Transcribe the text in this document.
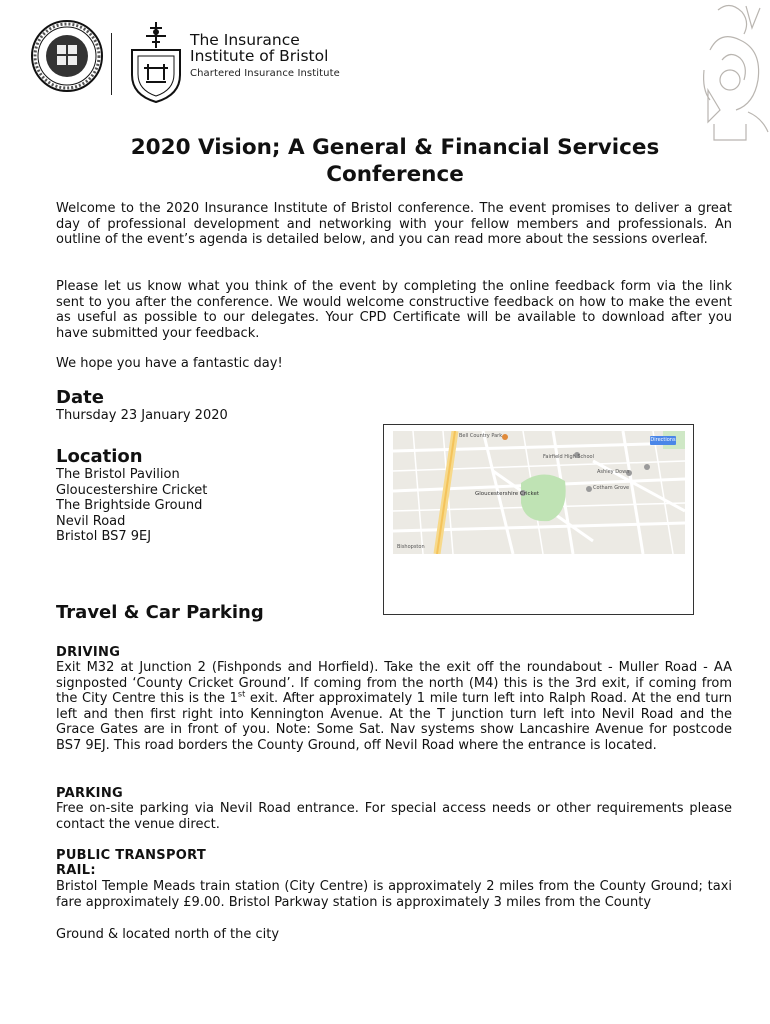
The Insurance
Institute of Bristol
Chartered Insurance Institute
2020 Vision; A General & Financial Services
Conference
Welcome to the 2020 Insurance Institute of Bristol conference. The event promises to deliver a great day of professional development and networking with your fellow members and professionals. An outline of the event’s agenda is detailed below, and you can read more about the sessions overleaf.
Please let us know what you think of the event by completing the online feedback form via the link sent to you after the conference. We would welcome constructive feedback on how to make the event as useful as possible to our delegates. Your CPD Certificate will be available to download after you have submitted your feedback.
We hope you have a fantastic day!
Date
Thursday 23 January 2020
Location
The Bristol Pavilion
Gloucestershire Cricket
The Brightside Ground
Nevil Road
Bristol BS7 9EJ
Directions
Gloucestershire Cricket
Bell Country Park
Fairfield High School
Ashley Down
Cotham Grove
Bishopston
Travel & Car Parking
DRIVING
Exit M32 at Junction 2 (Fishponds and Horfield). Take the exit off the roundabout - Muller Road - AA signposted ‘County Cricket Ground’. If coming from the north (M4) this is the 3rd exit, if coming from the City Centre this is the 1st exit. After approximately 1 mile turn left into Ralph Road. At the end turn left and then first right into Kennington Avenue. At the T junction turn left into Nevil Road and the Grace Gates are in front of you. Note: Some Sat. Nav systems show Lancashire Avenue for postcode BS7 9EJ. This road borders the County Ground, off Nevil Road where the entrance is located.
PARKING
Free on-site parking via Nevil Road entrance. For special access needs or other requirements please contact the venue direct.
PUBLIC TRANSPORT
RAIL:
Bristol Temple Meads train station (City Centre) is approximately 2 miles from the County Ground; taxi fare approximately £9.00. Bristol Parkway station is approximately 3 miles from the County
Ground & located north of the city
